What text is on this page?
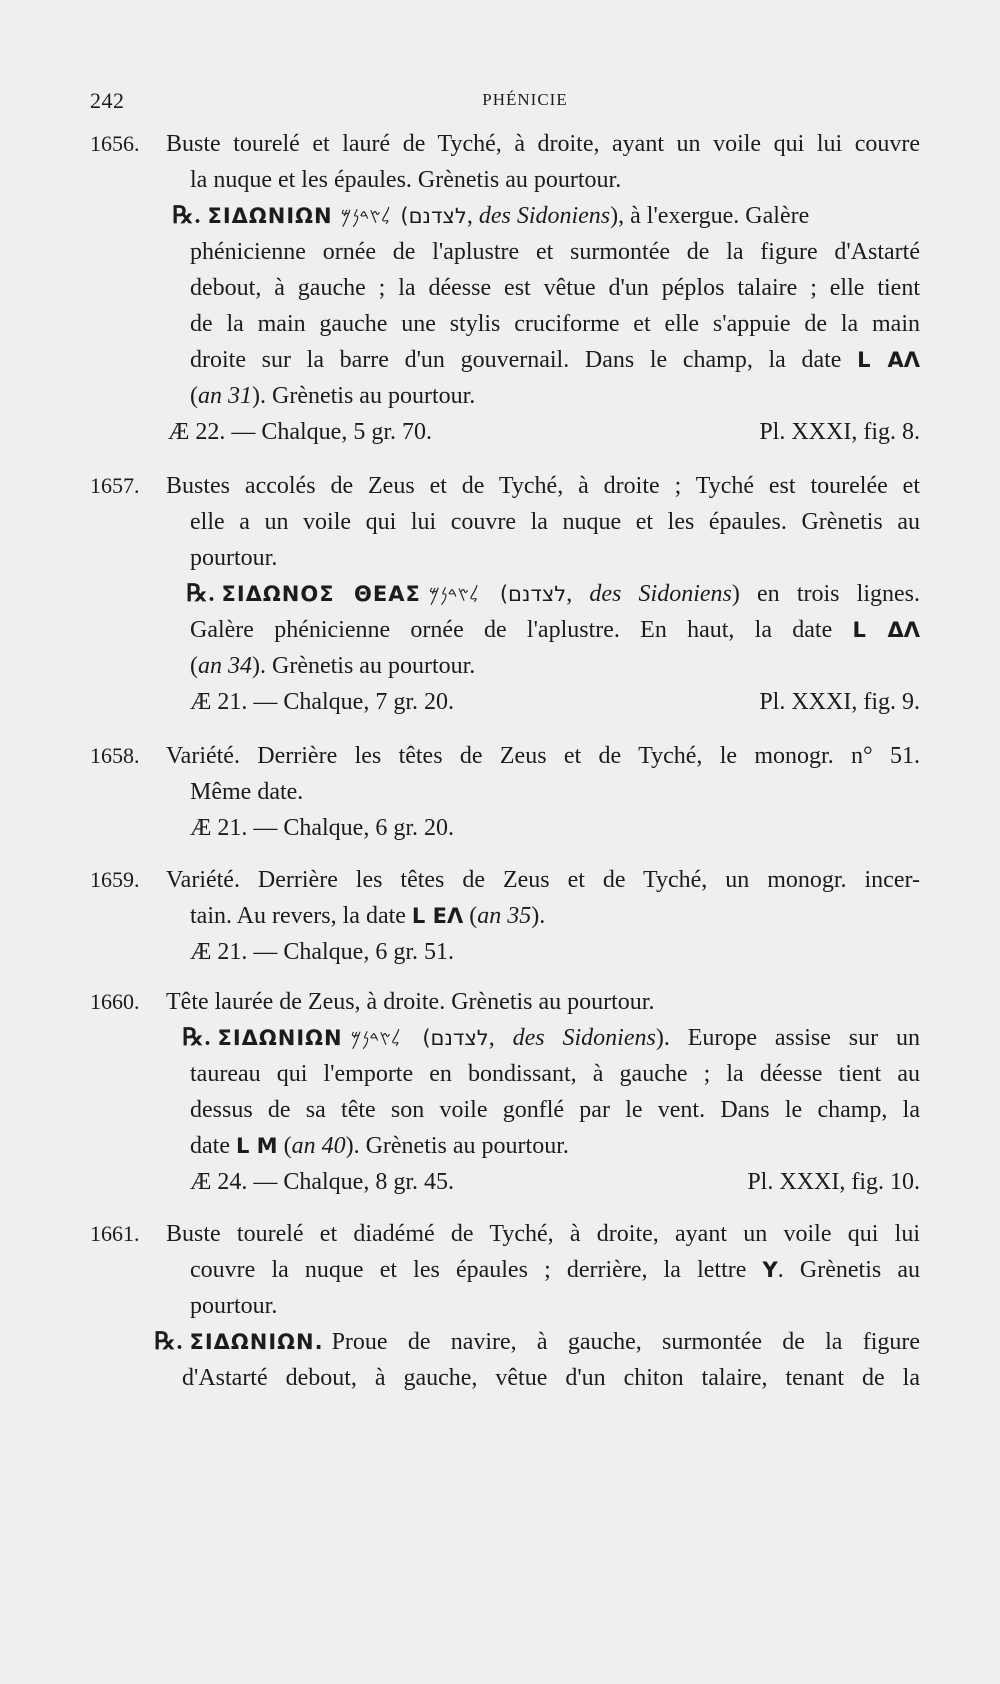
242	PHÉNICIE
1656. Buste tourelé et lauré de Tyché, à droite, ayant un voile qui lui couvre
la nuque et les épaules. Grènetis au pourtour.
℞. ΣΙΔΩΝΙΩΝ 𐤋𐤑𐤃𐤍𐤌 (לצדנם, des Sidoniens), à l'exergue. Galère
phénicienne ornée de l'aplustre et surmontée de la figure d'Astarté
debout, à gauche ; la déesse est vêtue d'un péplos talaire ; elle tient
de la main gauche une stylis cruciforme et elle s'appuie de la main
droite sur la barre d'un gouvernail. Dans le champ, la date L ΑΛ
(an 31). Grènetis au pourtour.
Æ 22. — Chalque, 5 gr. 70.	Pl. XXXI, fig. 8.
1657. Bustes accolés de Zeus et de Tyché, à droite ; Tyché est tourelée et
elle a un voile qui lui couvre la nuque et les épaules. Grènetis au
pourtour.
℞. ΣΙΔΩΝΟΣ ΘΕΑΣ 𐤋𐤑𐤃𐤍𐤌 (לצדנם, des Sidoniens) en trois lignes.
Galère phénicienne ornée de l'aplustre. En haut, la date L ΔΛ
(an 34). Grènetis au pourtour.
Æ 21. — Chalque, 7 gr. 20.	Pl. XXXI, fig. 9.
1658. Variété. Derrière les têtes de Zeus et de Tyché, le monogr. n° 51.
Même date.
Æ 21. — Chalque, 6 gr. 20.
1659. Variété. Derrière les têtes de Zeus et de Tyché, un monogr. incer-
tain. Au revers, la date L ΕΛ (an 35).
Æ 21. — Chalque, 6 gr. 51.
1660. Tête laurée de Zeus, à droite. Grènetis au pourtour.
℞. ΣΙΔΩΝΙΩΝ 𐤋𐤑𐤃𐤍𐤌 (לצדנם, des Sidoniens). Europe assise sur un
taureau qui l'emporte en bondissant, à gauche ; la déesse tient au
dessus de sa tête son voile gonflé par le vent. Dans le champ, la
date L M (an 40). Grènetis au pourtour.
Æ 24. — Chalque, 8 gr. 45.	Pl. XXXI, fig. 10.
1661. Buste tourelé et diadémé de Tyché, à droite, ayant un voile qui lui
couvre la nuque et les épaules ; derrière, la lettre Υ. Grènetis au
pourtour.
℞. ΣΙΔΩΝΙΩΝ. Proue de navire, à gauche, surmontée de la figure
d'Astarté debout, à gauche, vêtue d'un chiton talaire, tenant de la
